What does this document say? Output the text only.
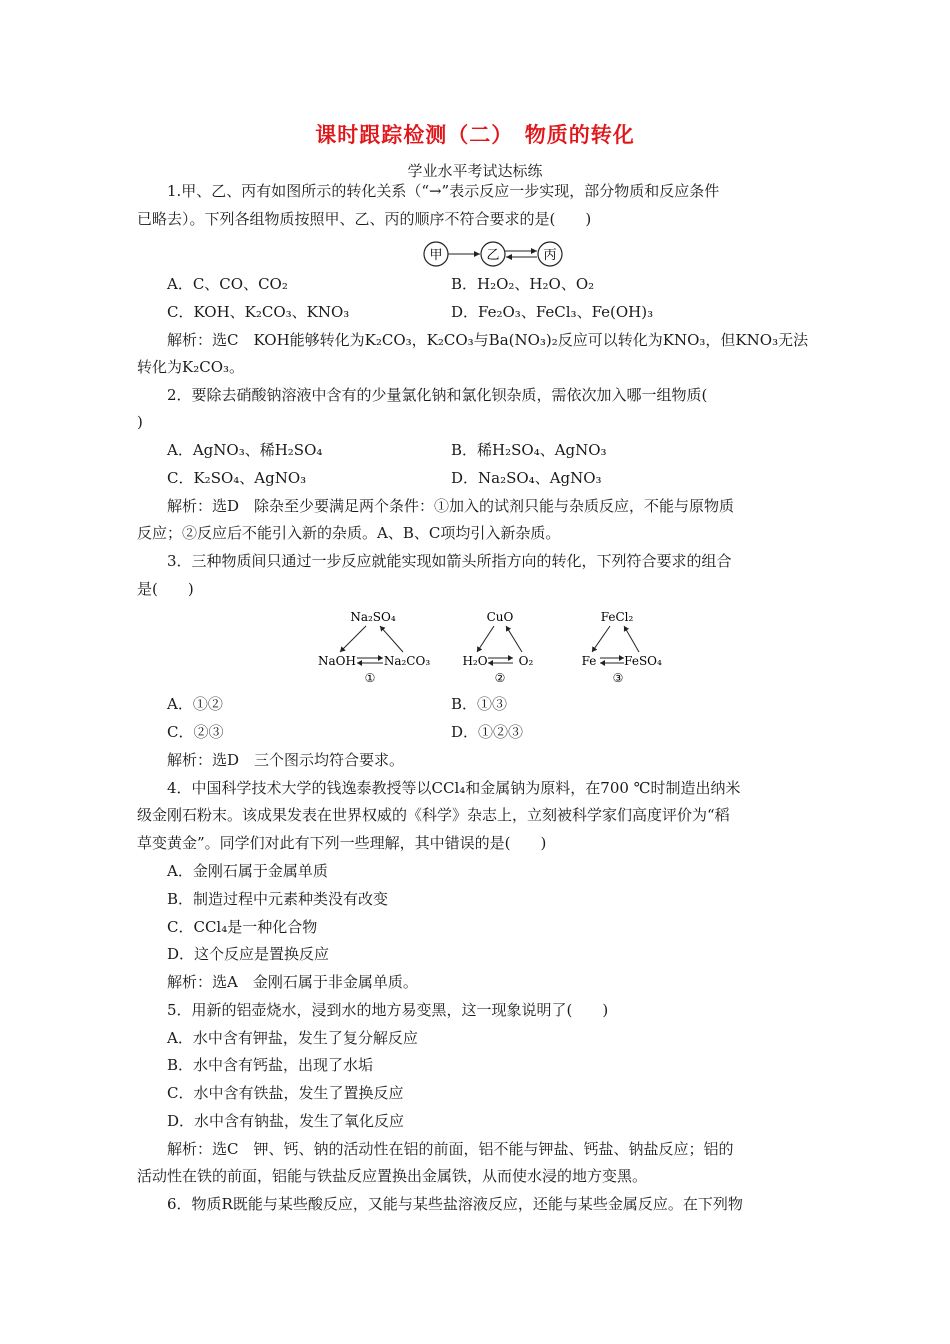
课时跟踪检测（二）　物质的转化
学业水平考试达标练
1.甲、乙、丙有如图所示的转化关系（“→”表示反应一步实现，部分物质和反应条件
已略去）。下列各组物质按照甲、乙、丙的顺序不符合要求的是(　　)
甲	乙	丙
A．C、CO、CO₂	B．H₂O₂、H₂O、O₂
C．KOH、K₂CO₃、KNO₃	D．Fe₂O₃、FeCl₃、Fe(OH)₃
解析：选C　KOH能够转化为K₂CO₃，K₂CO₃与Ba(NO₃)₂反应可以转化为KNO₃，但KNO₃无法
转化为K₂CO₃。
2．要除去硝酸钠溶液中含有的少量氯化钠和氯化钡杂质，需依次加入哪一组物质(
)
A．AgNO₃、稀H₂SO₄	B．稀H₂SO₄、AgNO₃
C．K₂SO₄、AgNO₃	D．Na₂SO₄、AgNO₃
解析：选D　除杂至少要满足两个条件：①加入的试剂只能与杂质反应，不能与原物质
反应；②反应后不能引入新的杂质。A、B、C项均引入新杂质。
3．三种物质间只通过一步反应就能实现如箭头所指方向的转化，下列符合要求的组合
是(　　)
Na₂SO₄
NaOH Na₂CO₃
①
CuO
H₂O	O₂
②
FeCl₂
Fe FeSO₄
③
A．①②	B．①③
C．②③	D．①②③
解析：选D　三个图示均符合要求。
4．中国科学技术大学的钱逸泰教授等以CCl₄和金属钠为原料，在700 ℃时制造出纳米
级金刚石粉末。该成果发表在世界权威的《科学》杂志上，立刻被科学家们高度评价为“稻
草变黄金”。同学们对此有下列一些理解，其中错误的是(　　)
A．金刚石属于金属单质
B．制造过程中元素种类没有改变
C．CCl₄是一种化合物
D．这个反应是置换反应
解析：选A　金刚石属于非金属单质。
5．用新的铝壶烧水，浸到水的地方易变黑，这一现象说明了(　　)
A．水中含有钾盐，发生了复分解反应
B．水中含有钙盐，出现了水垢
C．水中含有铁盐，发生了置换反应
D．水中含有钠盐，发生了氧化反应
解析：选C　钾、钙、钠的活动性在铝的前面，铝不能与钾盐、钙盐、钠盐反应；铝的
活动性在铁的前面，铝能与铁盐反应置换出金属铁，从而使水浸的地方变黑。
6．物质R既能与某些酸反应，又能与某些盐溶液反应，还能与某些金属反应。在下列物
